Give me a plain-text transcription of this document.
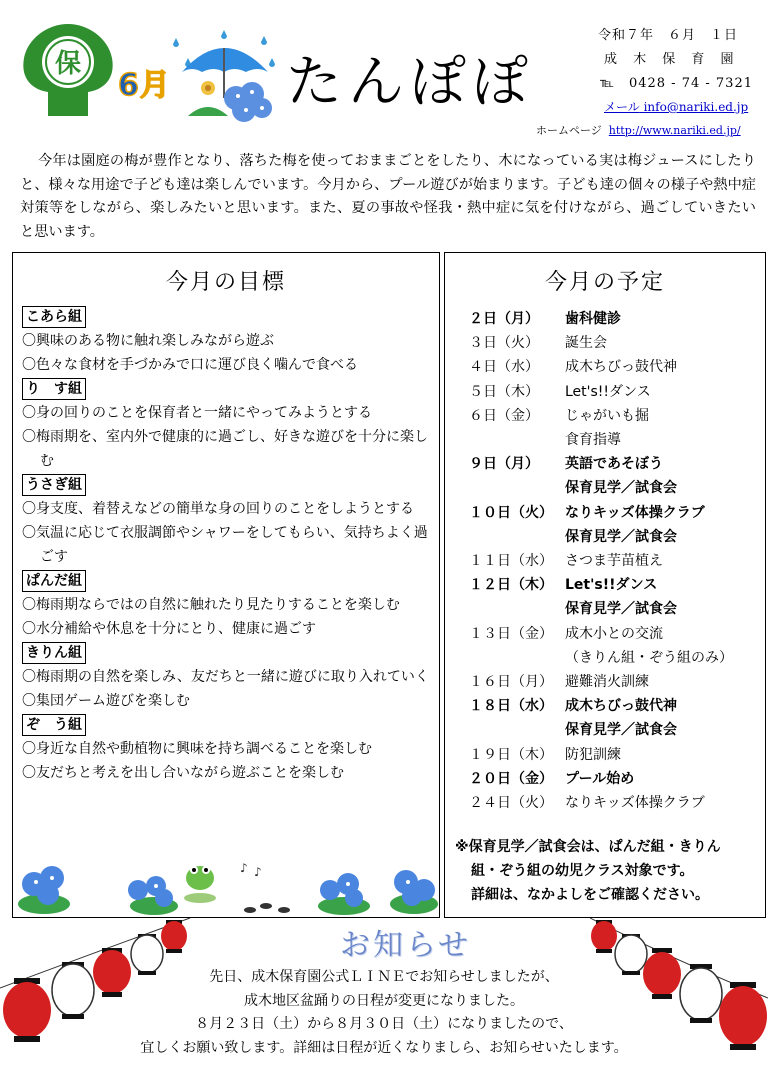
保
6月 たんぽぽ
令和７年　６月　１日
成 木 保 育 園
℡　0428 - 74 - 7321
メール info@nariki.ed.jp
ホームページ http://www.nariki.ed.jp/
今年は園庭の梅が豊作となり、落ちた梅を使っておままごとをしたり、木になっている実は梅ジュースにしたりと、様々な用途で子ども達は楽しんでいます。今月から、プール遊びが始まります。子ども達の個々の様子や熱中症対策等をしながら、楽しみたいと思います。また、夏の事故や怪我・熱中症に気を付けながら、過ごしていきたいと思います。
今月の目標
こあら組
〇興味のある物に触れ楽しみながら遊ぶ
〇色々な食材を手づかみで口に運び良く噛んで食べる
り　す組
〇身の回りのことを保育者と一緒にやってみようとする
〇梅雨期を、室内外で健康的に過ごし、好きな遊びを十分に楽しむ
うさぎ組
〇身支度、着替えなどの簡単な身の回りのことをしようとする
〇気温に応じて衣服調節やシャワーをしてもらい、気持ちよく過ごす
ぱんだ組
〇梅雨期ならではの自然に触れたり見たりすることを楽しむ
〇水分補給や休息を十分にとり、健康に過ごす
きりん組
〇梅雨期の自然を楽しみ、友だちと一緒に遊びに取り入れていく
〇集団ゲーム遊びを楽しむ
ぞ　う組
〇身近な自然や動植物に興味を持ち調べることを楽しむ
〇友だちと考えを出し合いながら遊ぶことを楽しむ
♪ ♪
今月の予定
２日（月）	歯科健診
３日（火）	誕生会
４日（水）	成木ちびっ鼓代神
５日（木）	Let's!!ダンス
６日（金）	じゃがいも掘
食育指導
９日（月）	英語であそぼう
保育見学／試食会
１０日（火） なりキッズ体操クラブ
保育見学／試食会
１１日（水） さつま芋苗植え
１２日（木） Let's!!ダンス
保育見学／試食会
１３日（金） 成木小との交流
（きりん組・ぞう組のみ）
１６日（月） 避難消火訓練
１８日（水） 成木ちびっ鼓代神
保育見学／試食会
１９日（木） 防犯訓練
２０日（金） プール始め
２４日（火） なりキッズ体操クラブ
※保育見学／試食会は、ぱんだ組・きりん
組・ぞう組の幼児クラス対象です。
詳細は、なかよしをご確認ください。
お知らせ
先日、成木保育園公式ＬＩＮＥでお知らせしましたが、
成木地区盆踊りの日程が変更になりました。
８月２３日（土）から８月３０日（土）になりましたので、
宜しくお願い致します。詳細は日程が近くなりましら、お知らせいたします。
